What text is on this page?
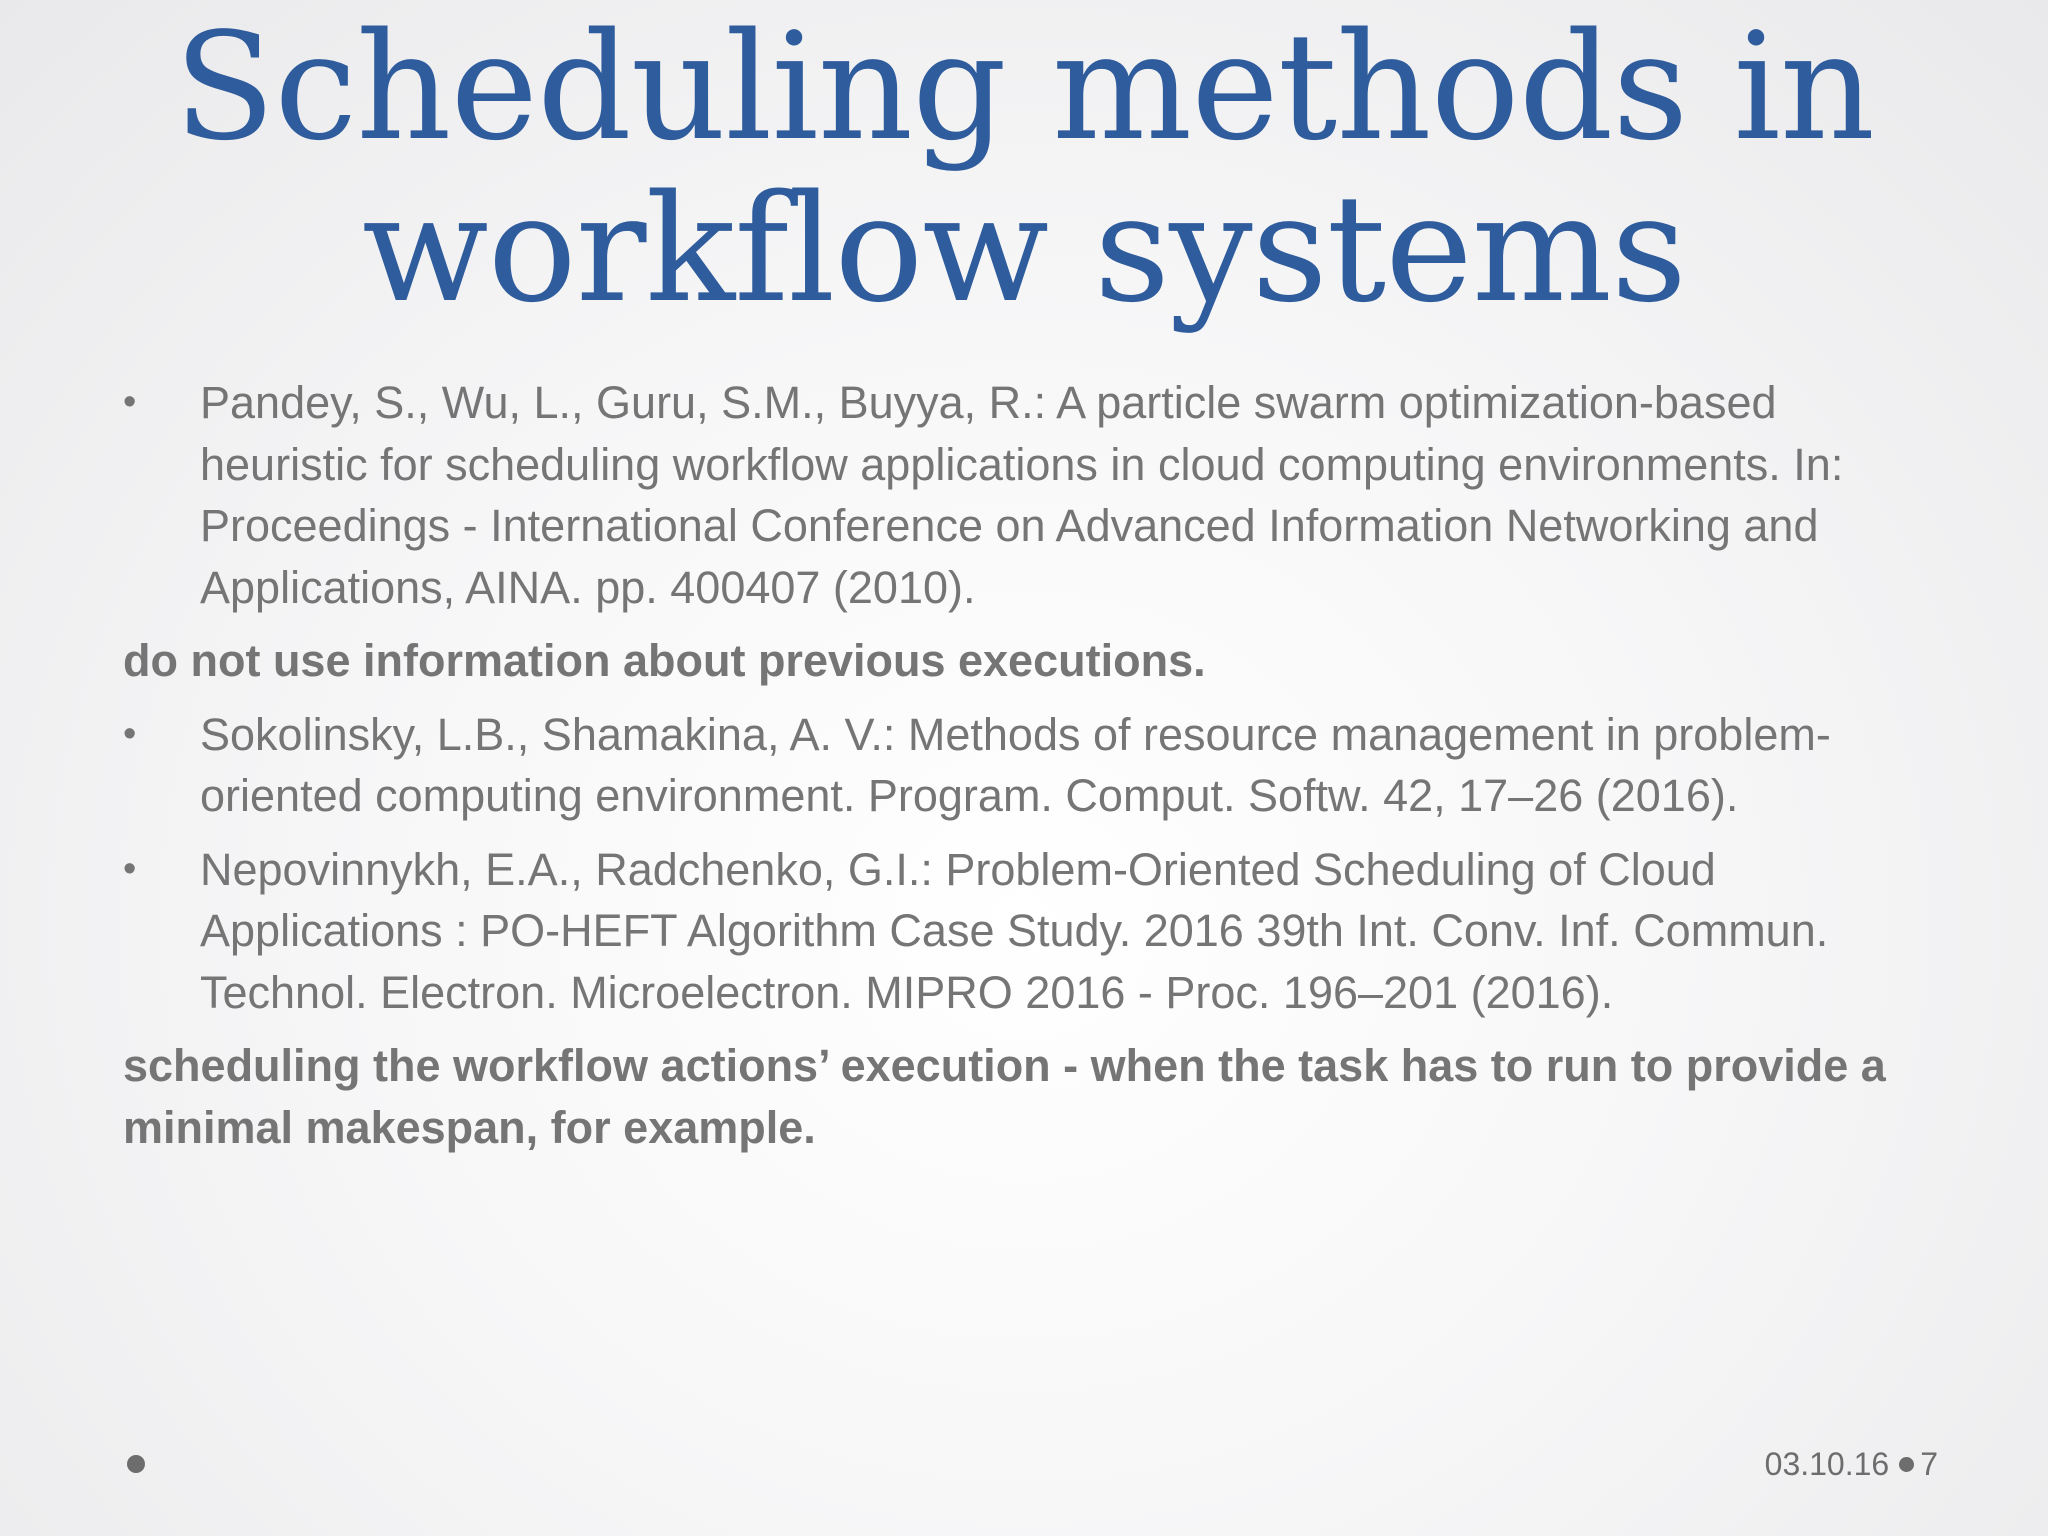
Scheduling methods in
workflow systems
• Pandey, S., Wu, L., Guru, S.M., Buyya, R.: A particle swarm optimization-based heuristic for scheduling workflow applications in cloud computing environments. In: Proceedings - International Conference on Advanced Information Networking and Applications, AINA. pp. 400407 (2010).
do not use information about previous executions.
• Sokolinsky, L.B., Shamakina, A. V.: Methods of resource management in problem-oriented computing environment. Program. Comput. Softw. 42, 17–26 (2016).
• Nepovinnykh, E.A., Radchenko, G.I.: Problem-Oriented Scheduling of Cloud Applications : PO-HEFT Algorithm Case Study. 2016 39th Int. Conv. Inf. Commun. Technol. Electron. Microelectron. MIPRO 2016 - Proc. 196–201 (2016).
scheduling the workflow actions’ execution - when the task has to run to provide a minimal makespan, for example.
03.10.16 7
